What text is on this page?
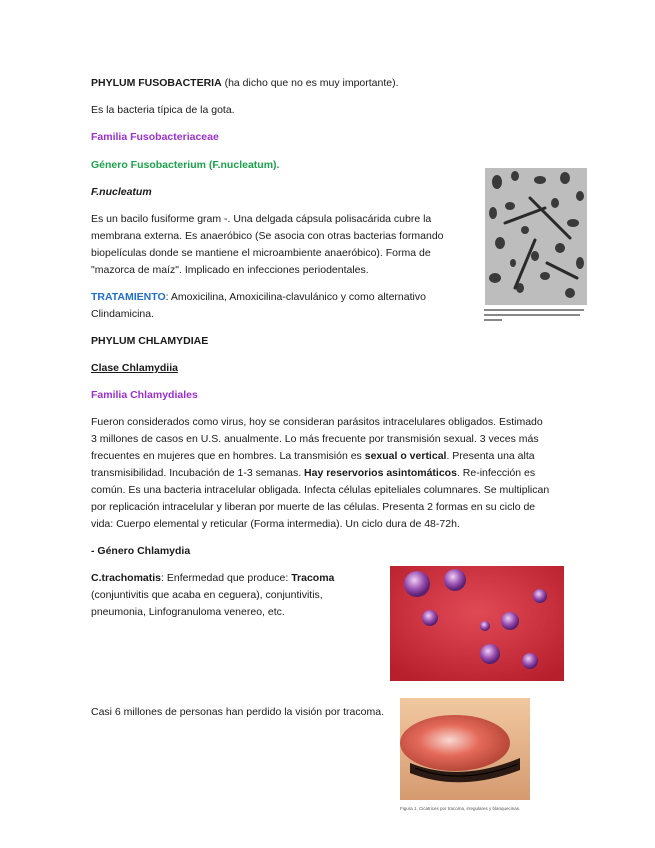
PHYLUM FUSOBACTERIA (ha dicho que no es muy importante).
Es la bacteria típica de la gota.
Familia Fusobacteriaceae
Género Fusobacterium (F.nucleatum).
F.nucleatum
Es un bacilo fusiforme gram -. Una delgada cápsula polisacárida cubre la
membrana externa. Es anaeróbico (Se asocia con otras bacterias formando
biopelículas donde se mantiene el microambiente anaeróbico). Forma de
"mazorca de maíz". Implicado en infecciones periodentales.
TRATAMIENTO: Amoxicilina, Amoxicilina-clavulánico y como alternativo
Clindamicina.
PHYLUM CHLAMYDIAE
Clase Chlamydiia
Familia Chlamydiales
Fueron considerados como virus, hoy se consideran parásitos intracelulares obligados. Estimado
3 millones de casos en U.S. anualmente. Lo más frecuente por transmisión sexual. 3 veces más
frecuentes en mujeres que en hombres. La transmisión es sexual o vertical. Presenta una alta
transmisibilidad. Incubación de 1-3 semanas. Hay reservorios asintomáticos. Re-infección es
común. Es una bacteria intracelular obligada. Infecta células epiteliales columnares. Se multiplican
por replicación intracelular y liberan por muerte de las células. Presenta 2 formas en su ciclo de
vida: Cuerpo elemental y reticular (Forma intermedia). Un ciclo dura de 48-72h.
- Género Chlamydia
C.trachomatis: Enfermedad que produce: Tracoma
(conjuntivitis que acaba en ceguera), conjuntivitis,
pneumonia, Linfogranuloma venereo, etc.
Casi 6 millones de personas han perdido la visión por tracoma.
Figura 1. Cicatrices por tracoma, irregulares y blanquecinas.
